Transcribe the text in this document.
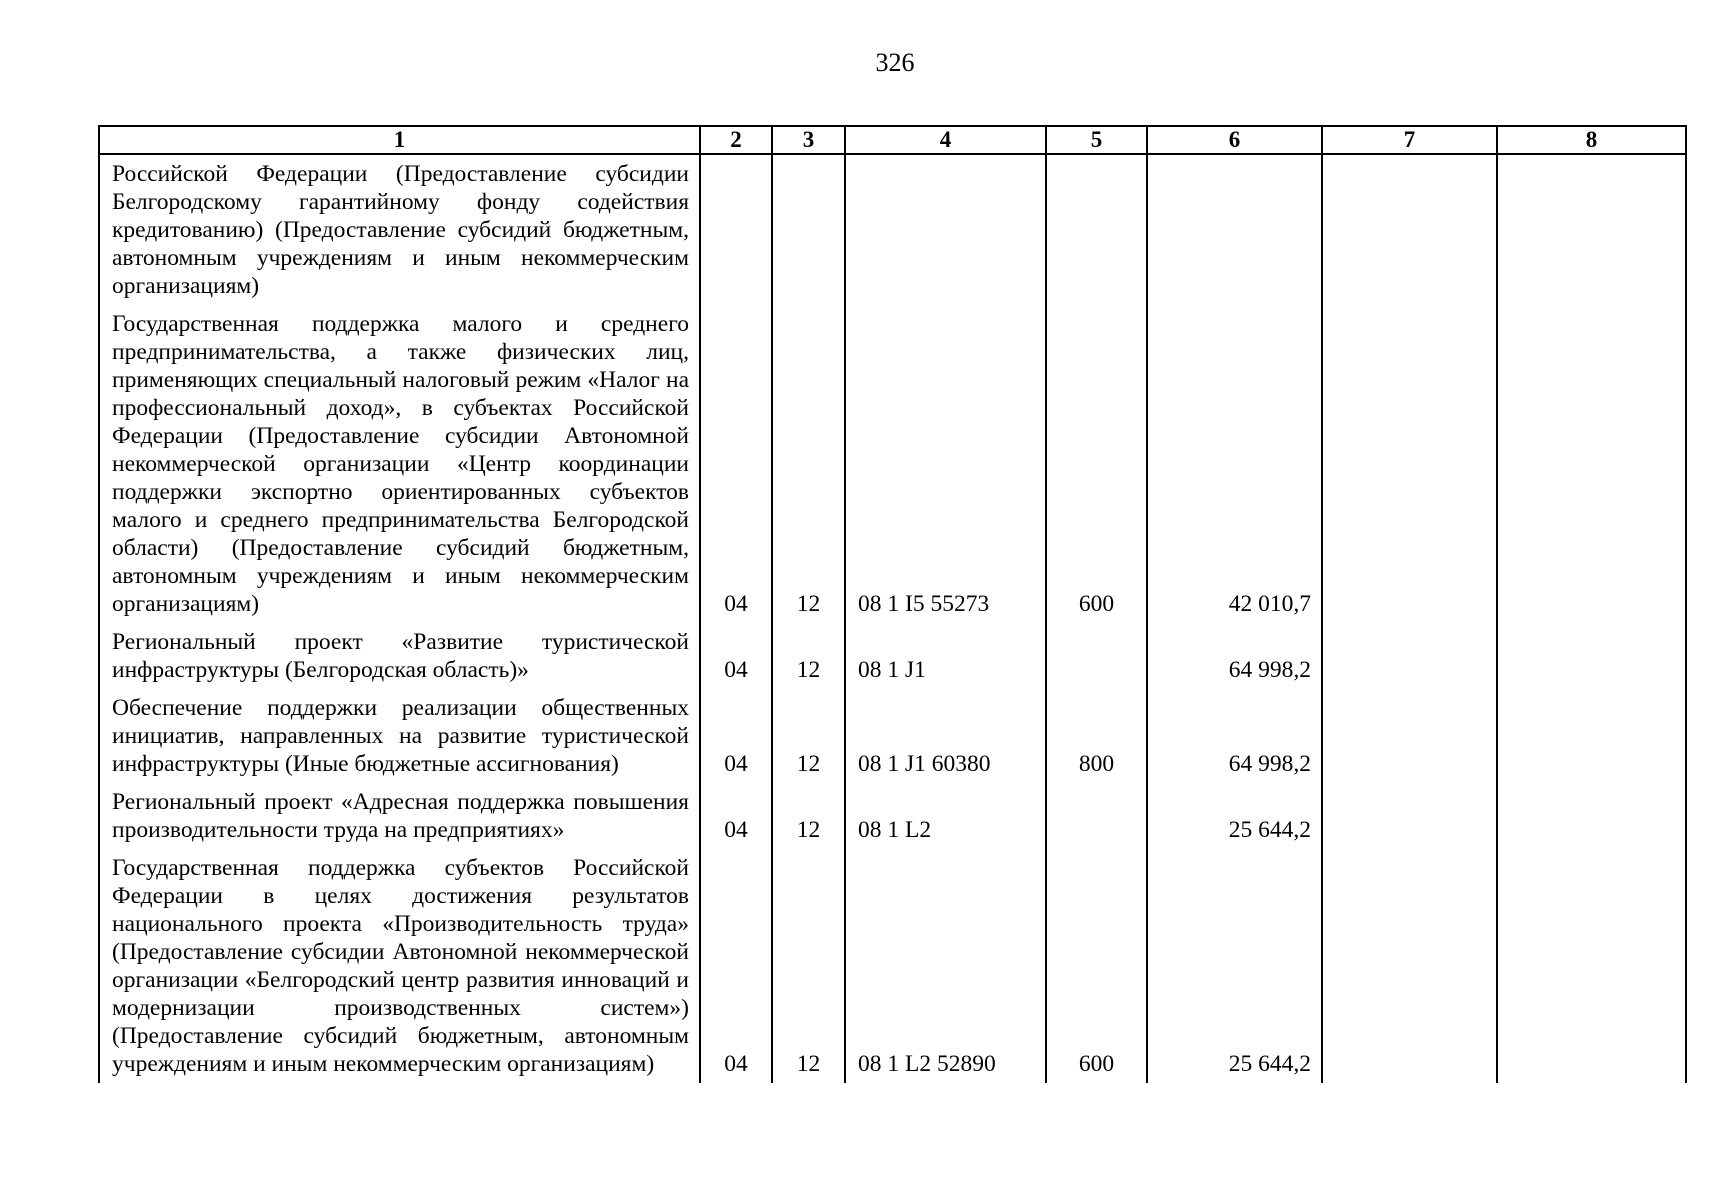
326
1	2	3	4	5	6	7	8
Российской Федерации (Предоставление субсидии Белгородскому гарантийному фонду содействия кредитованию) (Предоставление субсидий бюджетным, автономным учреждениям и иным некоммерческим организациям)							
Государственная поддержка малого и среднего предпринимательства, а также физических лиц, применяющих специальный налоговый режим «Налог на профессиональный доход», в субъектах Российской Федерации (Предоставление субсидии Автономной некоммерческой организации «Центр координации поддержки экспортно ориентированных субъектов малого и среднего предпринимательства Белгородской области) (Предоставление субсидий бюджетным, автономным учреждениям и иным некоммерческим организациям)	04	12	08 1 I5 55273	600	42 010,7		
Региональный проект «Развитие туристической инфраструктуры (Белгородская область)»	04	12	08 1 J1		64 998,2		
Обеспечение поддержки реализации общественных инициатив, направленных на развитие туристической инфраструктуры (Иные бюджетные ассигнования)	04	12	08 1 J1 60380	800	64 998,2		
Региональный проект «Адресная поддержка повышения производительности труда на предприятиях»	04	12	08 1 L2		25 644,2		
Государственная поддержка субъектов Российской Федерации в целях достижения результатов национального проекта «Производительность труда» (Предоставление субсидии Автономной некоммерческой организации «Белгородский центр развития инноваций и модернизации производственных систем») (Предоставление субсидий бюджетным, автономным учреждениям и иным некоммерческим организациям)	04	12	08 1 L2 52890	600	25 644,2		
